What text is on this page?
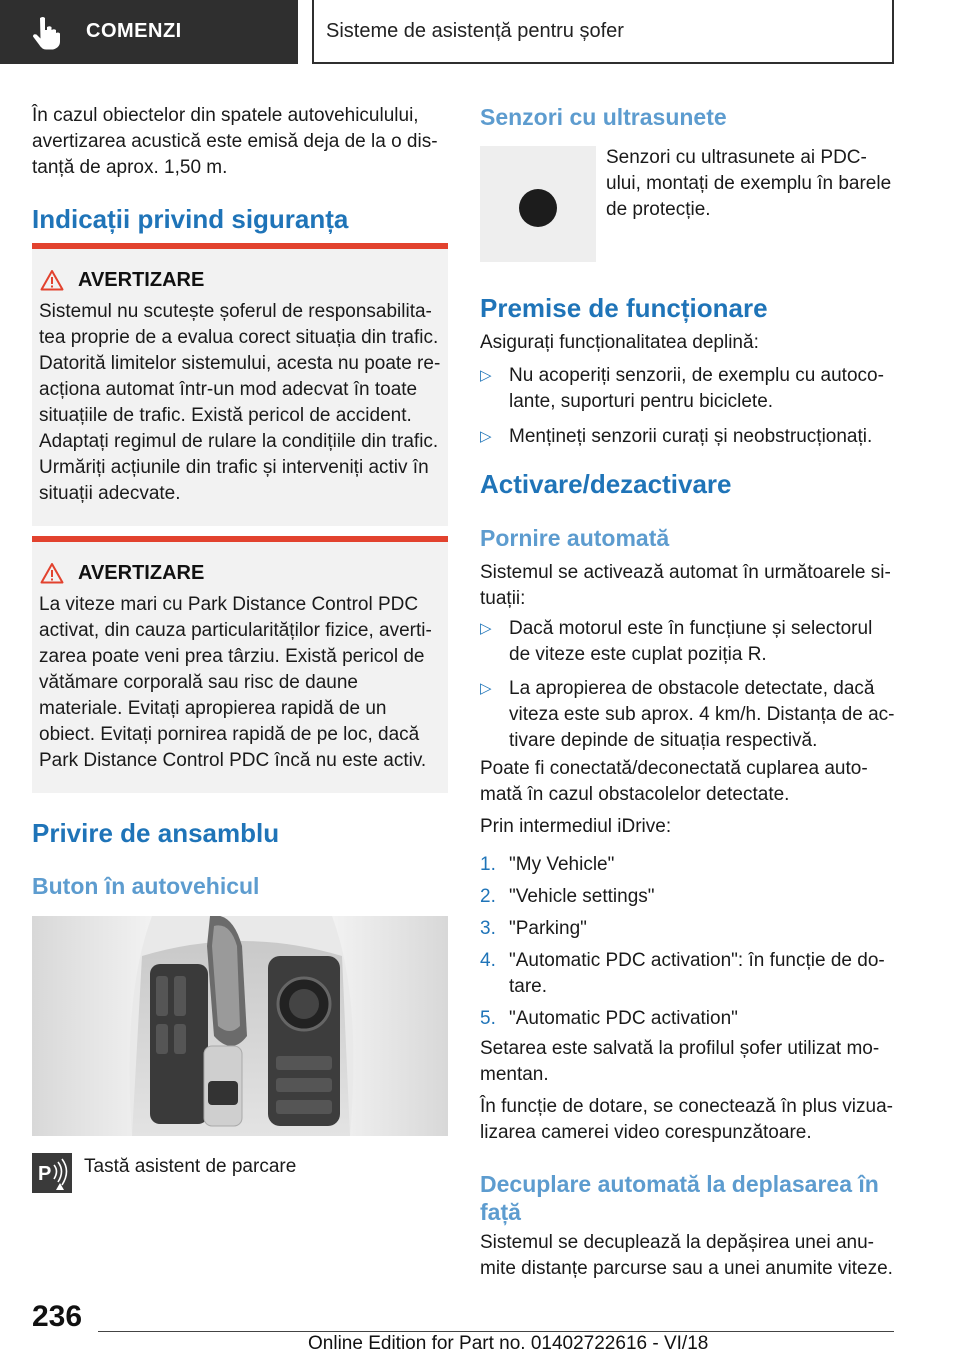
COMENZI	Sisteme de asistență pentru șofer

În cazul obiectelor din spatele autovehiculului, avertizarea acustică este emisă deja de la o dis-tanță de aprox. 1,50 m.

Indicații privind siguranța
AVERTIZARE
Sistemul nu scutește șoferul de responsabilita-tea proprie de a evalua corect situația din trafic. Datorită limitelor sistemului, acesta nu poate re-acționa automat într-un mod adecvat în toate situațiile de trafic. Există pericol de accident. Adaptați regimul de rulare la condițiile din trafic. Urmăriți acțiunile din trafic și interveniți activ în situații adecvate.
AVERTIZARE
La viteze mari cu Park Distance Control PDC activat, din cauza particularităților fizice, averti-zarea poate veni prea târziu. Există pericol de vătămare corporală sau risc de daune materiale. Evitați apropierea rapidă de un obiect. Evitați pornirea rapidă de pe loc, dacă Park Distance Control PDC încă nu este activ.
Privire de ansamblu
Buton în autovehicul
P Tastă asistent de parcare

Senzori cu ultrasunete

Senzori cu ultrasunete ai PDC-ului, montați de exemplu în barele de protecție.

Premise de funcționare

Asigurați funcționalitatea deplină:

▷ Nu acoperiți senzorii, de exemplu cu autoco-lante, suporturi pentru biciclete.
▷ Mențineți senzorii curați și neobstrucționați.
Activare/dezactivare
Pornire automată

Sistemul se activează automat în următoarele si-tuații:

▷ Dacă motorul este în funcțiune și selectorul de viteze este cuplat poziția R.
▷ La apropierea de obstacole detectate, dacă viteza este sub aprox. 4 km/h. Distanța de ac-tivare depinde de situația respectivă.

Poate fi conectată/deconectată cuplarea auto-mată în cazul obstacolelor detectate.

Prin intermediul iDrive:

1. "My Vehicle"
2. "Vehicle settings"
3. "Parking"
4. "Automatic PDC activation": în funcție de do-tare.
5. "Automatic PDC activation"

Setarea este salvată la profilul șofer utilizat mo-mentan.

În funcție de dotare, se conectează în plus vizua-lizarea camerei video corespunzătoare.

Decuplare automată la deplasarea în față

Sistemul se decuplează la depășirea unei anu-mite distanțe parcurse sau a unei anumite viteze.

236
Online Edition for Part no. 01402722616 - VI/18
